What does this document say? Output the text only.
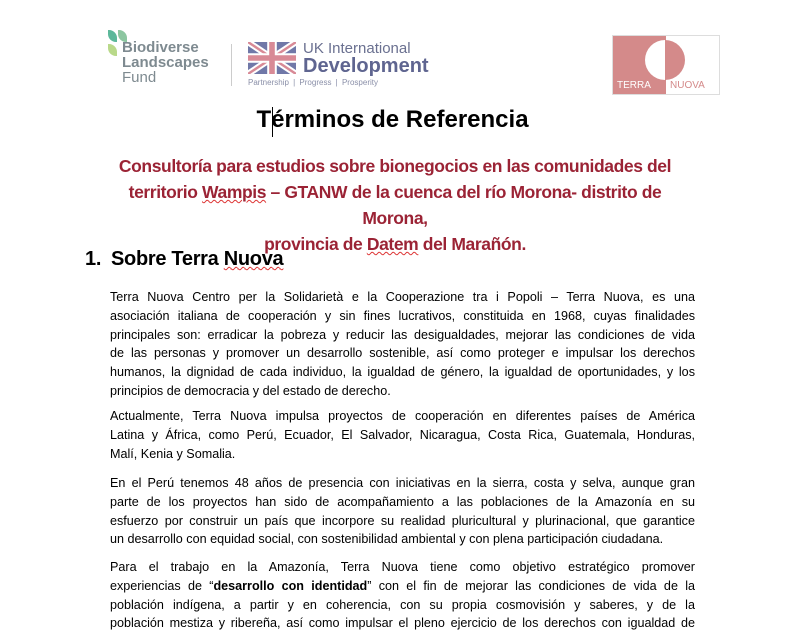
Biodiverse
Landscapes
Fund
UK International
Development
Partnership | Progress | Prosperity	TERRA NUOVA
Términos de Referencia
Consultoría para estudios sobre bionegocios en las comunidades del
territorio Wampis – GTANW de la cuenca del río Morona- distrito de Morona,
provincia de Datem del Marañón.
1. Sobre Terra Nuova
Terra Nuova Centro per la Solidarietà e la Cooperazione tra i Popoli – Terra Nuova, es una
asociación italiana de cooperación y sin fines lucrativos, constituida en 1968, cuyas finalidades
principales son: erradicar la pobreza y reducir las desigualdades, mejorar las condiciones de vida
de las personas y promover un desarrollo sostenible, así como proteger e impulsar los derechos
humanos, la dignidad de cada individuo, la igualdad de género, la igualdad de oportunidades, y los
principios de democracia y del estado de derecho.
Actualmente, Terra Nuova impulsa proyectos de cooperación en diferentes países de América
Latina y África, como Perú, Ecuador, El Salvador, Nicaragua, Costa Rica, Guatemala, Honduras,
Malí, Kenia y Somalia.
En el Perú tenemos 48 años de presencia con iniciativas en la sierra, costa y selva, aunque gran
parte de los proyectos han sido de acompañamiento a las poblaciones de la Amazonía en su
esfuerzo por construir un país que incorpore su realidad pluricultural y plurinacional, que garantice
un desarrollo con equidad social, con sostenibilidad ambiental y con plena participación ciudadana.
Para el trabajo en la Amazonía, Terra Nuova tiene como objetivo estratégico promover
experiencias de “desarrollo con identidad” con el fin de mejorar las condiciones de vida de la
población indígena, a partir y en coherencia, con su propia cosmovisión y saberes, y de la
población mestiza y ribereña, así como impulsar el pleno ejercicio de los derechos con igualdad de
